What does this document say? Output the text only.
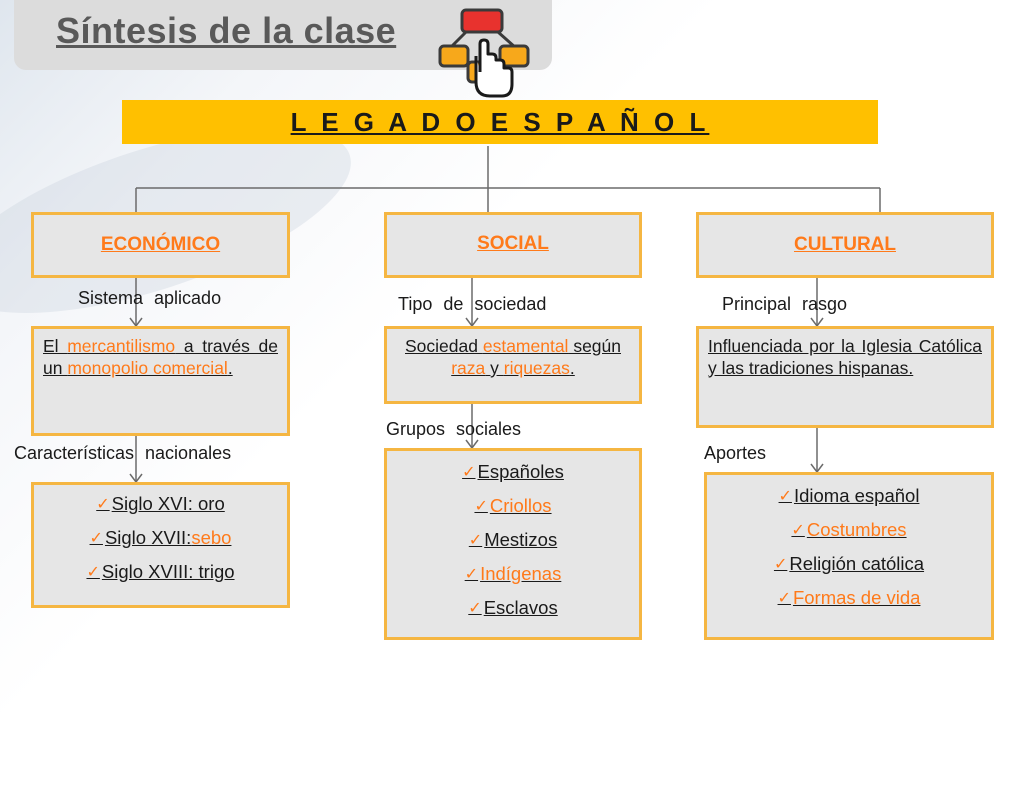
Síntesis de la clase
L E G A D O E S P A Ñ O L
ECONÓMICO
Sistema aplicado
El mercantilismo a través de un monopolio comercial.
Características nacionales
✓ Siglo XVI: oro
✓ Siglo XVII: sebo
✓ Siglo XVIII: trigo
SOCIAL
Tipo de sociedad
Sociedad estamental según raza y riquezas.
Grupos sociales
✓ Españoles
✓ Criollos
✓ Mestizos
✓ Indígenas
✓ Esclavos
CULTURAL
Principal rasgo
Influenciada por la Iglesia Católica y las tradiciones hispanas.
Aportes
✓ Idioma español
✓ Costumbres
✓ Religión católica
✓ Formas de vida
